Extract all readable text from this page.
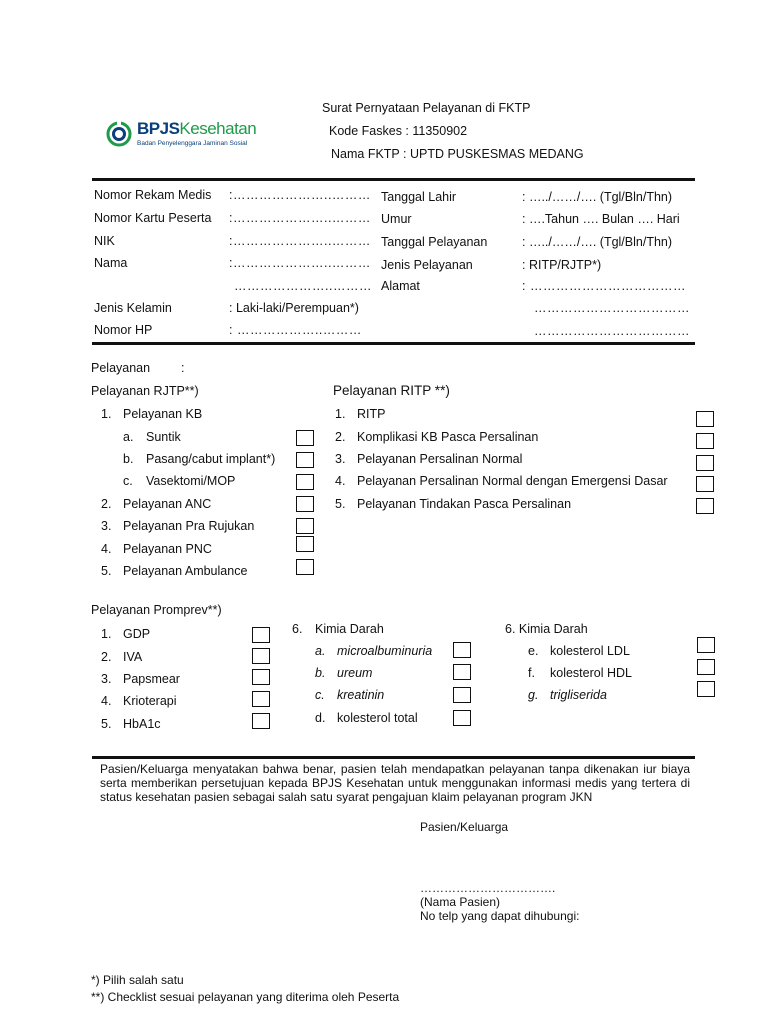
BPJSKesehatan
Badan Penyelenggara Jaminan Sosial
Surat Pernyataan Pelayanan di FKTP
Kode Faskes : 11350902
Nama FKTP : UPTD PUSKESMAS MEDANG
Nomor Rekam Medis :…………………..………
Nomor Kartu Peserta :…………………..………
NIK	:…………………..………
Nama	:…………………..………
…………………..………
Jenis Kelamin	: Laki-laki/Perempuan*)
Nomor HP	: ………………..………
Tanggal Lahir	: …../……/…. (Tgl/Bln/Thn)
Umur	: ….Tahun …. Bulan …. Hari
Tanggal Pelayanan	: …../……/…. (Tgl/Bln/Thn)
Jenis Pelayanan	: RITP/RJTP*)
Alamat	: ………………………………
………………………………
………………………………
Pelayanan :
Pelayanan RJTP**)
1. Pelayanan KB
a. Suntik
b. Pasang/cabut implant*)
c. Vasektomi/MOP
2. Pelayanan ANC
3. Pelayanan Pra Rujukan
4. Pelayanan PNC
5. Pelayanan Ambulance
Pelayanan RITP **)
1. RITP
2. Komplikasi KB Pasca Persalinan
3. Pelayanan Persalinan Normal
4. Pelayanan Persalinan Normal dengan Emergensi Dasar
5. Pelayanan Tindakan Pasca Persalinan
Pelayanan Promprev**)
1. GDP
2. IVA
3. Papsmear
4. Krioterapi
5. HbA1c
6. Kimia Darah
a. microalbuminuria
b. ureum
c. kreatinin
d. kolesterol total
6. Kimia Darah
e. kolesterol LDL
f. kolesterol HDL
g. trigliserida
Pasien/Keluarga menyatakan bahwa benar, pasien telah mendapatkan pelayanan tanpa dikenakan iur biaya serta memberikan persetujuan kepada BPJS Kesehatan untuk menggunakan informasi medis yang tertera di status kesehatan pasien sebagai salah satu syarat pengajuan klaim pelayanan program JKN
Pasien/Keluarga
…………………………….
(Nama Pasien)
No telp yang dapat dihubungi:
*) Pilih salah satu
**) Checklist sesuai pelayanan yang diterima oleh Peserta
